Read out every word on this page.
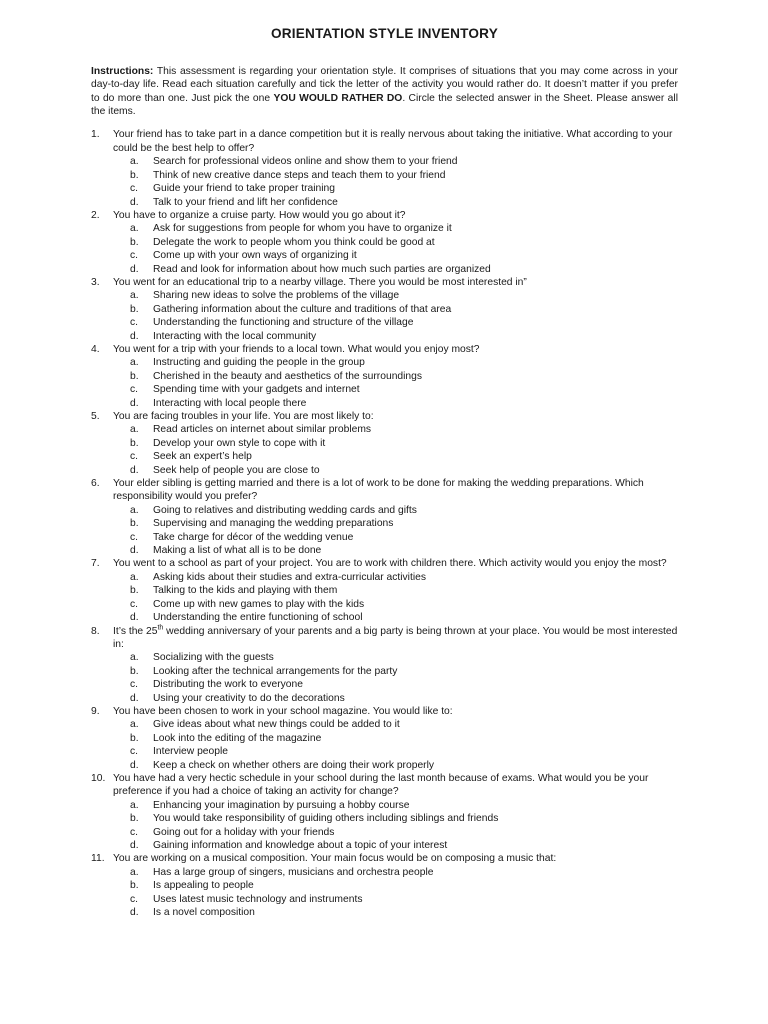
ORIENTATION STYLE INVENTORY

Instructions: This assessment is regarding your orientation style. It comprises of situations that you may come across in your day-to-day life. Read each situation carefully and tick the letter of the activity you would rather do. It doesn’t matter if you prefer to do more than one. Just pick the one YOU WOULD RATHER DO. Circle the selected answer in the Sheet. Please answer all the items.

1. Your friend has to take part in a dance competition but it is really nervous about taking the initiative. What according to your could be the best help to offer?
a. Search for professional videos online and show them to your friend
b. Think of new creative dance steps and teach them to your friend
c. Guide your friend to take proper training
d. Talk to your friend and lift her confidence
2. You have to organize a cruise party. How would you go about it?
a. Ask for suggestions from people for whom you have to organize it
b. Delegate the work to people whom you think could be good at
c. Come up with your own ways of organizing it
d. Read and look for information about how much such parties are organized
3. You went for an educational trip to a nearby village. There you would be most interested in”
a. Sharing new ideas to solve the problems of the village
b. Gathering information about the culture and traditions of that area
c. Understanding the functioning and structure of the village
d. Interacting with the local community
4. You went for a trip with your friends to a local town. What would you enjoy most?
a. Instructing and guiding the people in the group
b. Cherished in the beauty and aesthetics of the surroundings
c. Spending time with your gadgets and internet
d. Interacting with local people there
5. You are facing troubles in your life. You are most likely to:
a. Read articles on internet about similar problems
b. Develop your own style to cope with it
c. Seek an expert’s help
d. Seek help of people you are close to
6. Your elder sibling is getting married and there is a lot of work to be done for making the wedding preparations. Which responsibility would you prefer?
a. Going to relatives and distributing wedding cards and gifts
b. Supervising and managing the wedding preparations
c. Take charge for décor of the wedding venue
d. Making a list of what all is to be done
7. You went to a school as part of your project. You are to work with children there. Which activity would you enjoy the most?
a. Asking kids about their studies and extra-curricular activities
b. Talking to the kids and playing with them
c. Come up with new games to play with the kids
d. Understanding the entire functioning of school
8. It’s the 25th wedding anniversary of your parents and a big party is being thrown at your place. You would be most interested in:
a. Socializing with the guests
b. Looking after the technical arrangements for the party
c. Distributing the work to everyone
d. Using your creativity to do the decorations
9. You have been chosen to work in your school magazine. You would like to:
a. Give ideas about what new things could be added to it
b. Look into the editing of the magazine
c. Interview people
d. Keep a check on whether others are doing their work properly
10. You have had a very hectic schedule in your school during the last month because of exams. What would you be your preference if you had a choice of taking an activity for change?
a. Enhancing your imagination by pursuing a hobby course
b. You would take responsibility of guiding others including siblings and friends
c. Going out for a holiday with your friends
d. Gaining information and knowledge about a topic of your interest
11. You are working on a musical composition. Your main focus would be on composing a music that:
a. Has a large group of singers, musicians and orchestra people
b. Is appealing to people
c. Uses latest music technology and instruments
d. Is a novel composition
